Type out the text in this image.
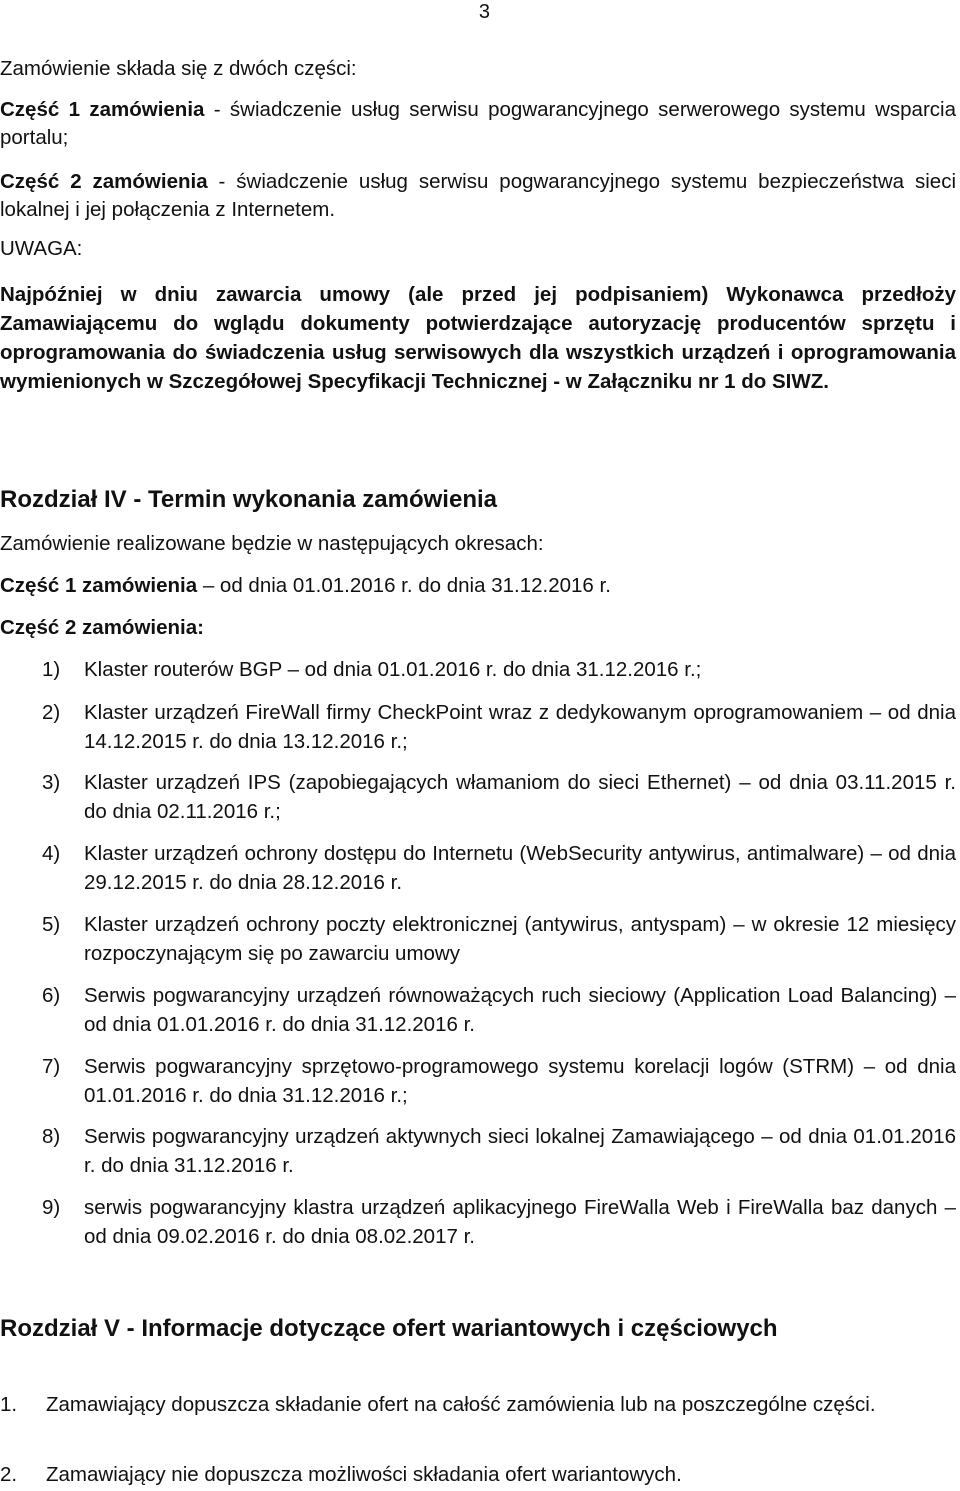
3
Zamówienie składa się z dwóch części:
Część 1 zamówienia - świadczenie usług serwisu pogwarancyjnego serwerowego systemu wsparcia portalu;
Część 2 zamówienia - świadczenie usług serwisu pogwarancyjnego systemu bezpieczeństwa sieci lokalnej i jej połączenia z Internetem.
UWAGA:
Najpóźniej w dniu zawarcia umowy (ale przed jej podpisaniem) Wykonawca przedłoży Zamawiającemu do wglądu dokumenty potwierdzające autoryzację producentów sprzętu i oprogramowania do świadczenia usług serwisowych dla wszystkich urządzeń i oprogramowania wymienionych w Szczegółowej Specyfikacji Technicznej - w Załączniku nr 1 do SIWZ.
Rozdział IV - Termin wykonania zamówienia
Zamówienie realizowane będzie w następujących okresach:
Część 1 zamówienia – od dnia 01.01.2016 r. do dnia 31.12.2016 r.
Część 2 zamówienia:
1) Klaster routerów BGP – od dnia 01.01.2016 r. do dnia 31.12.2016 r.;
2) Klaster urządzeń FireWall firmy CheckPoint wraz z dedykowanym oprogramowaniem – od dnia 14.12.2015 r. do dnia 13.12.2016 r.;
3) Klaster urządzeń IPS (zapobiegających włamaniom do sieci Ethernet) – od dnia 03.11.2015 r. do dnia 02.11.2016 r.;
4) Klaster urządzeń ochrony dostępu do Internetu (WebSecurity antywirus, antimalware) – od dnia 29.12.2015 r. do dnia 28.12.2016 r.
5) Klaster urządzeń ochrony poczty elektronicznej (antywirus, antyspam) – w okresie 12 miesięcy rozpoczynającym się po zawarciu umowy
6) Serwis pogwarancyjny urządzeń równoważących ruch sieciowy (Application Load Balancing) – od dnia 01.01.2016 r. do dnia 31.12.2016 r.
7) Serwis pogwarancyjny sprzętowo-programowego systemu korelacji logów (STRM) – od dnia 01.01.2016 r. do dnia 31.12.2016 r.;
8) Serwis pogwarancyjny urządzeń aktywnych sieci lokalnej Zamawiającego – od dnia 01.01.2016 r. do dnia 31.12.2016 r.
9) serwis pogwarancyjny klastra urządzeń aplikacyjnego FireWalla Web i FireWalla baz danych – od dnia 09.02.2016 r. do dnia 08.02.2017 r.
Rozdział V - Informacje dotyczące ofert wariantowych i częściowych
1. Zamawiający dopuszcza składanie ofert na całość zamówienia lub na poszczególne części.
2. Zamawiający nie dopuszcza możliwości składania ofert wariantowych.
